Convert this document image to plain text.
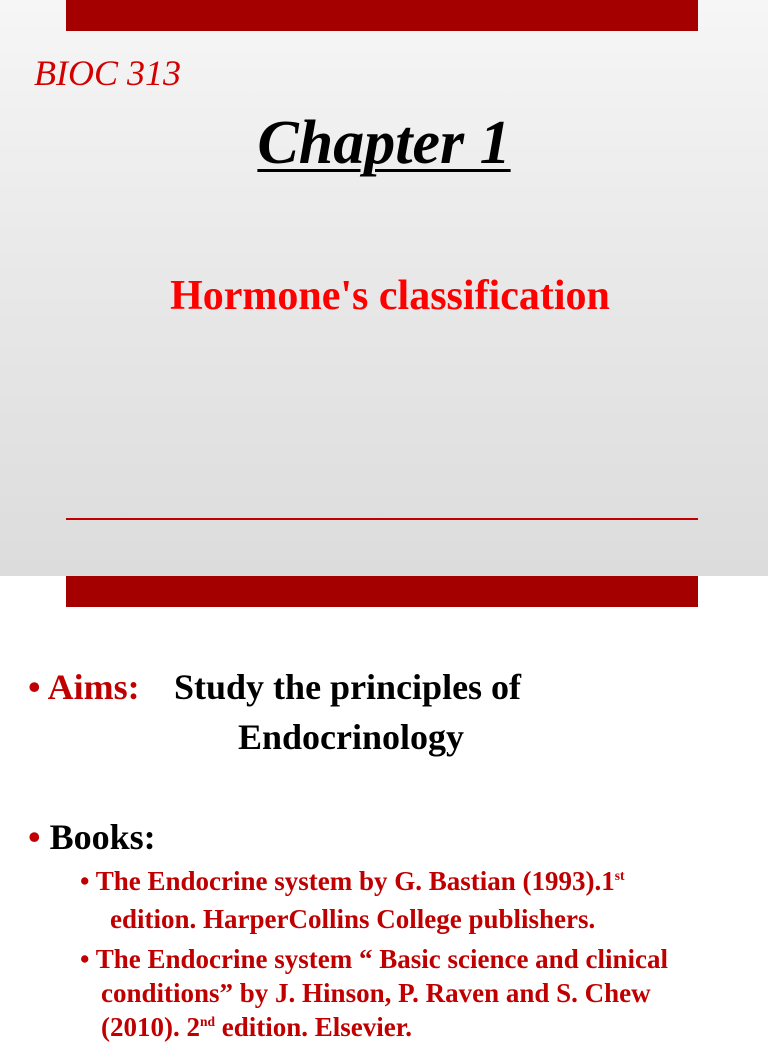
BIOC 313
Chapter 1
Hormone's classification
• Aims: Study the principles of
Endocrinology
• Books:
• The Endocrine system by G. Bastian (1993).1st
edition. HarperCollins College publishers.
• The Endocrine system “ Basic science and clinical
conditions” by J. Hinson, P. Raven and S. Chew
(2010). 2nd edition. Elsevier.
